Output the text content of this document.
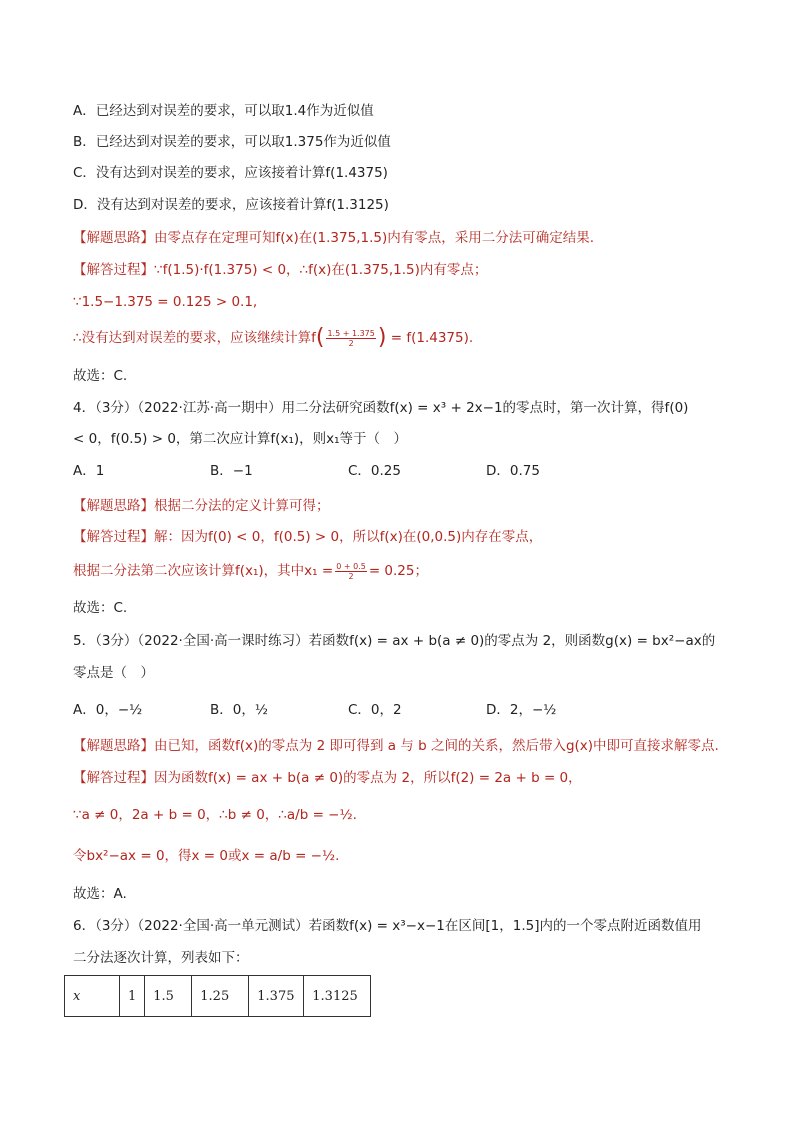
A．已经达到对误差的要求，可以取1.4作为近似值
B．已经达到对误差的要求，可以取1.375作为近似值
C．没有达到对误差的要求，应该接着计算f(1.4375)
D．没有达到对误差的要求，应该接着计算f(1.3125)
【解题思路】由零点存在定理可知f(x)在(1.375,1.5)内有零点，采用二分法可确定结果.
【解答过程】∵f(1.5)·f(1.375) < 0，∴f(x)在(1.375,1.5)内有零点；
∵1.5−1.375 = 0.125 > 0.1,
∴没有达到对误差的要求，应该继续计算$f( \frac{1.5 + 1.375}{2}$ ) = f(1.4375).
故选：C.
4．（3分）（2022·江苏·高一期中）用二分法研究函数f(x) = x³ + 2x−1的零点时，第一次计算，得f(0)
< 0，f(0.5) > 0，第二次应计算f(x₁)，则x₁等于（　）
A．1	B．−1	C．0.25	D．0.75
【解题思路】根据二分法的定义计算可得；
【解答过程】解：因为f(0) < 0，f(0.5) > 0，所以f(x)在(0,0.5)内存在零点，
根据二分法第二次应该计算f(x₁)，其中$x_1 = \frac{0 + 0.5}{2} = 0.25$；
故选：C.
5．（3分）（2022·全国·高一课时练习）若函数f(x) = ax + b(a ≠ 0)的零点为 2，则函数g(x) = bx²−ax的
零点是（　）
A．0，−½	B．0，½	C．0，2	D．2，−½
【解题思路】由已知，函数f(x)的零点为 2 即可得到 a 与 b 之间的关系，然后带入g(x)中即可直接求解零点.
【解答过程】因为函数f(x) = ax + b(a ≠ 0)的零点为 2，所以f(2) = 2a + b = 0，
∵a ≠ 0，2a + b = 0，∴b ≠ 0，∴a/b = −½.
令bx²−ax = 0，得x = 0或x = a/b = −½.
故选：A.
6．（3分）（2022·全国·高一单元测试）若函数f(x) = x³−x−1在区间[1，1.5]内的一个零点附近函数值用
二分法逐次计算，列表如下：
x	1	1.5	1.25	1.375	1.3125
